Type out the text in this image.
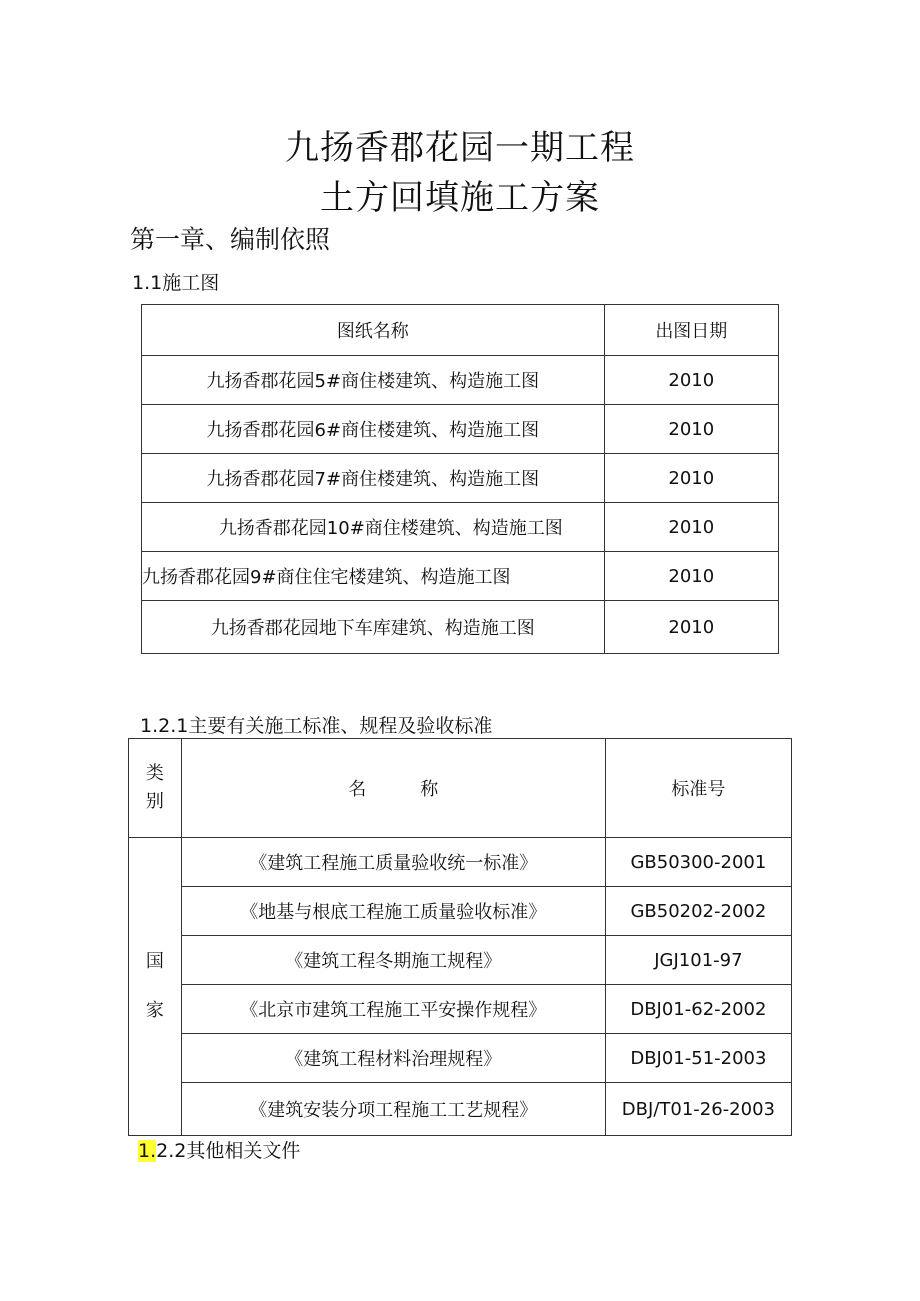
九扬香郡花园一期工程
土方回填施工方案
第一章、编制依照
1.1施工图
图纸名称	出图日期
九扬香郡花园5#商住楼建筑、构造施工图	2010
九扬香郡花园6#商住楼建筑、构造施工图	2010
九扬香郡花园7#商住楼建筑、构造施工图	2010
九扬香郡花园10#商住楼建筑、构造施工图	2010
九扬香郡花园9#商住住宅楼建筑、构造施工图	2010
九扬香郡花园地下车库建筑、构造施工图	2010
1.2.1主要有关施工标准、规程及验收标准
类别	名　　　称	标准号
国家	《建筑工程施工质量验收统一标准》	GB50300-2001
	《地基与根底工程施工质量验收标准》	GB50202-2002
	《建筑工程冬期施工规程》	JGJ101-97
	《北京市建筑工程施工平安操作规程》	DBJ01-62-2002
	《建筑工程材料治理规程》	DBJ01-51-2003
	《建筑安装分项工程施工工艺规程》	DBJ/T01-26-2003
1.2.2其他相关文件
